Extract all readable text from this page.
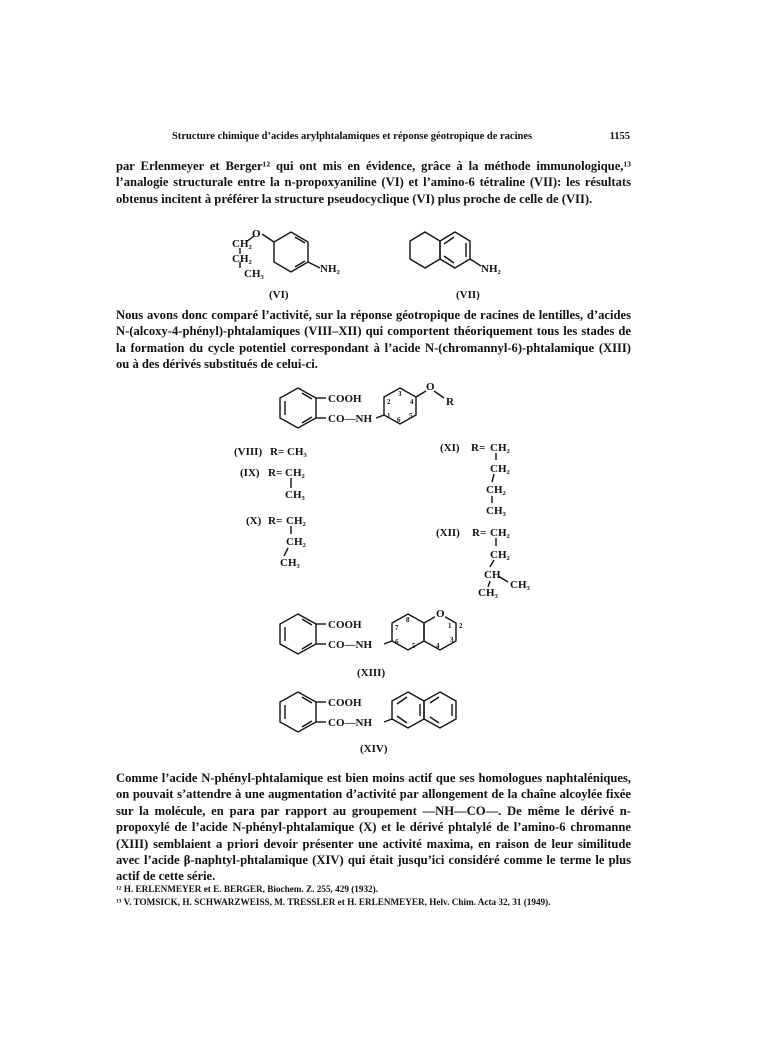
Structure chimique d’acides arylphtalamiques et réponse géotropique de racines	1155
par Erlenmeyer et Berger¹² qui ont mis en évidence, grâce à la méthode immunologique,¹³ l’analogie structurale entre la n-propoxyaniline (VI) et l’amino-6 tétraline (VII): les résultats obtenus incitent à préférer la structure pseudocyclique (VI) plus proche de celle de (VII).
O
CH₂
CH₂
CH₃	NH₂
(VI)
NH₂
(VII)
Nous avons donc comparé l’activité, sur la réponse géotropique de racines de lentilles, d’acides N-(alcoxy-4-phényl)-phtalamiques (VIII–XII) qui comportent théoriquement tous les stades de la formation du cycle potentiel correspondant à l’acide N-(chromannyl-6)-phtalamique (XIII) ou à des dérivés substitués de celui-ci.
COOH
CO—NH
O
R
1
2
3
4
5
6
(VIII) R= CH₃
(IX) R= CH₂
CH₃
(X) R= CH₂
CH₂
CH₃
(XI) R= CH₂
CH₂
CH₂
CH₃
(XII) R= CH₂
CH₂
CH
CH₃
CH₃
COOH
CO—NH
O
1 2
3
4
5
6
7
8
(XIII)
COOH
CO—NH
(XIV)
Comme l’acide N-phényl-phtalamique est bien moins actif que ses homologues naphtaléniques, on pouvait s’attendre à une augmentation d’activité par allongement de la chaîne alcoylée fixée sur la molécule, en para par rapport au groupement —NH—CO—. De même le dérivé n-propoxylé de l’acide N-phényl-phtalamique (X) et le dérivé phtalylé de l’amino-6 chromanne (XIII) semblaient a priori devoir présenter une activité maxima, en raison de leur similitude avec l’acide β-naphtyl-phtalamique (XIV) qui était jusqu’ici considéré comme le terme le plus actif de cette série.
¹² H. ERLENMEYER et E. BERGER, Biochem. Z. 255, 429 (1932).
¹³ V. TOMSICK, H. SCHWARZWEISS, M. TRESSLER et H. ERLENMEYER, Helv. Chim. Acta 32, 31 (1949).
